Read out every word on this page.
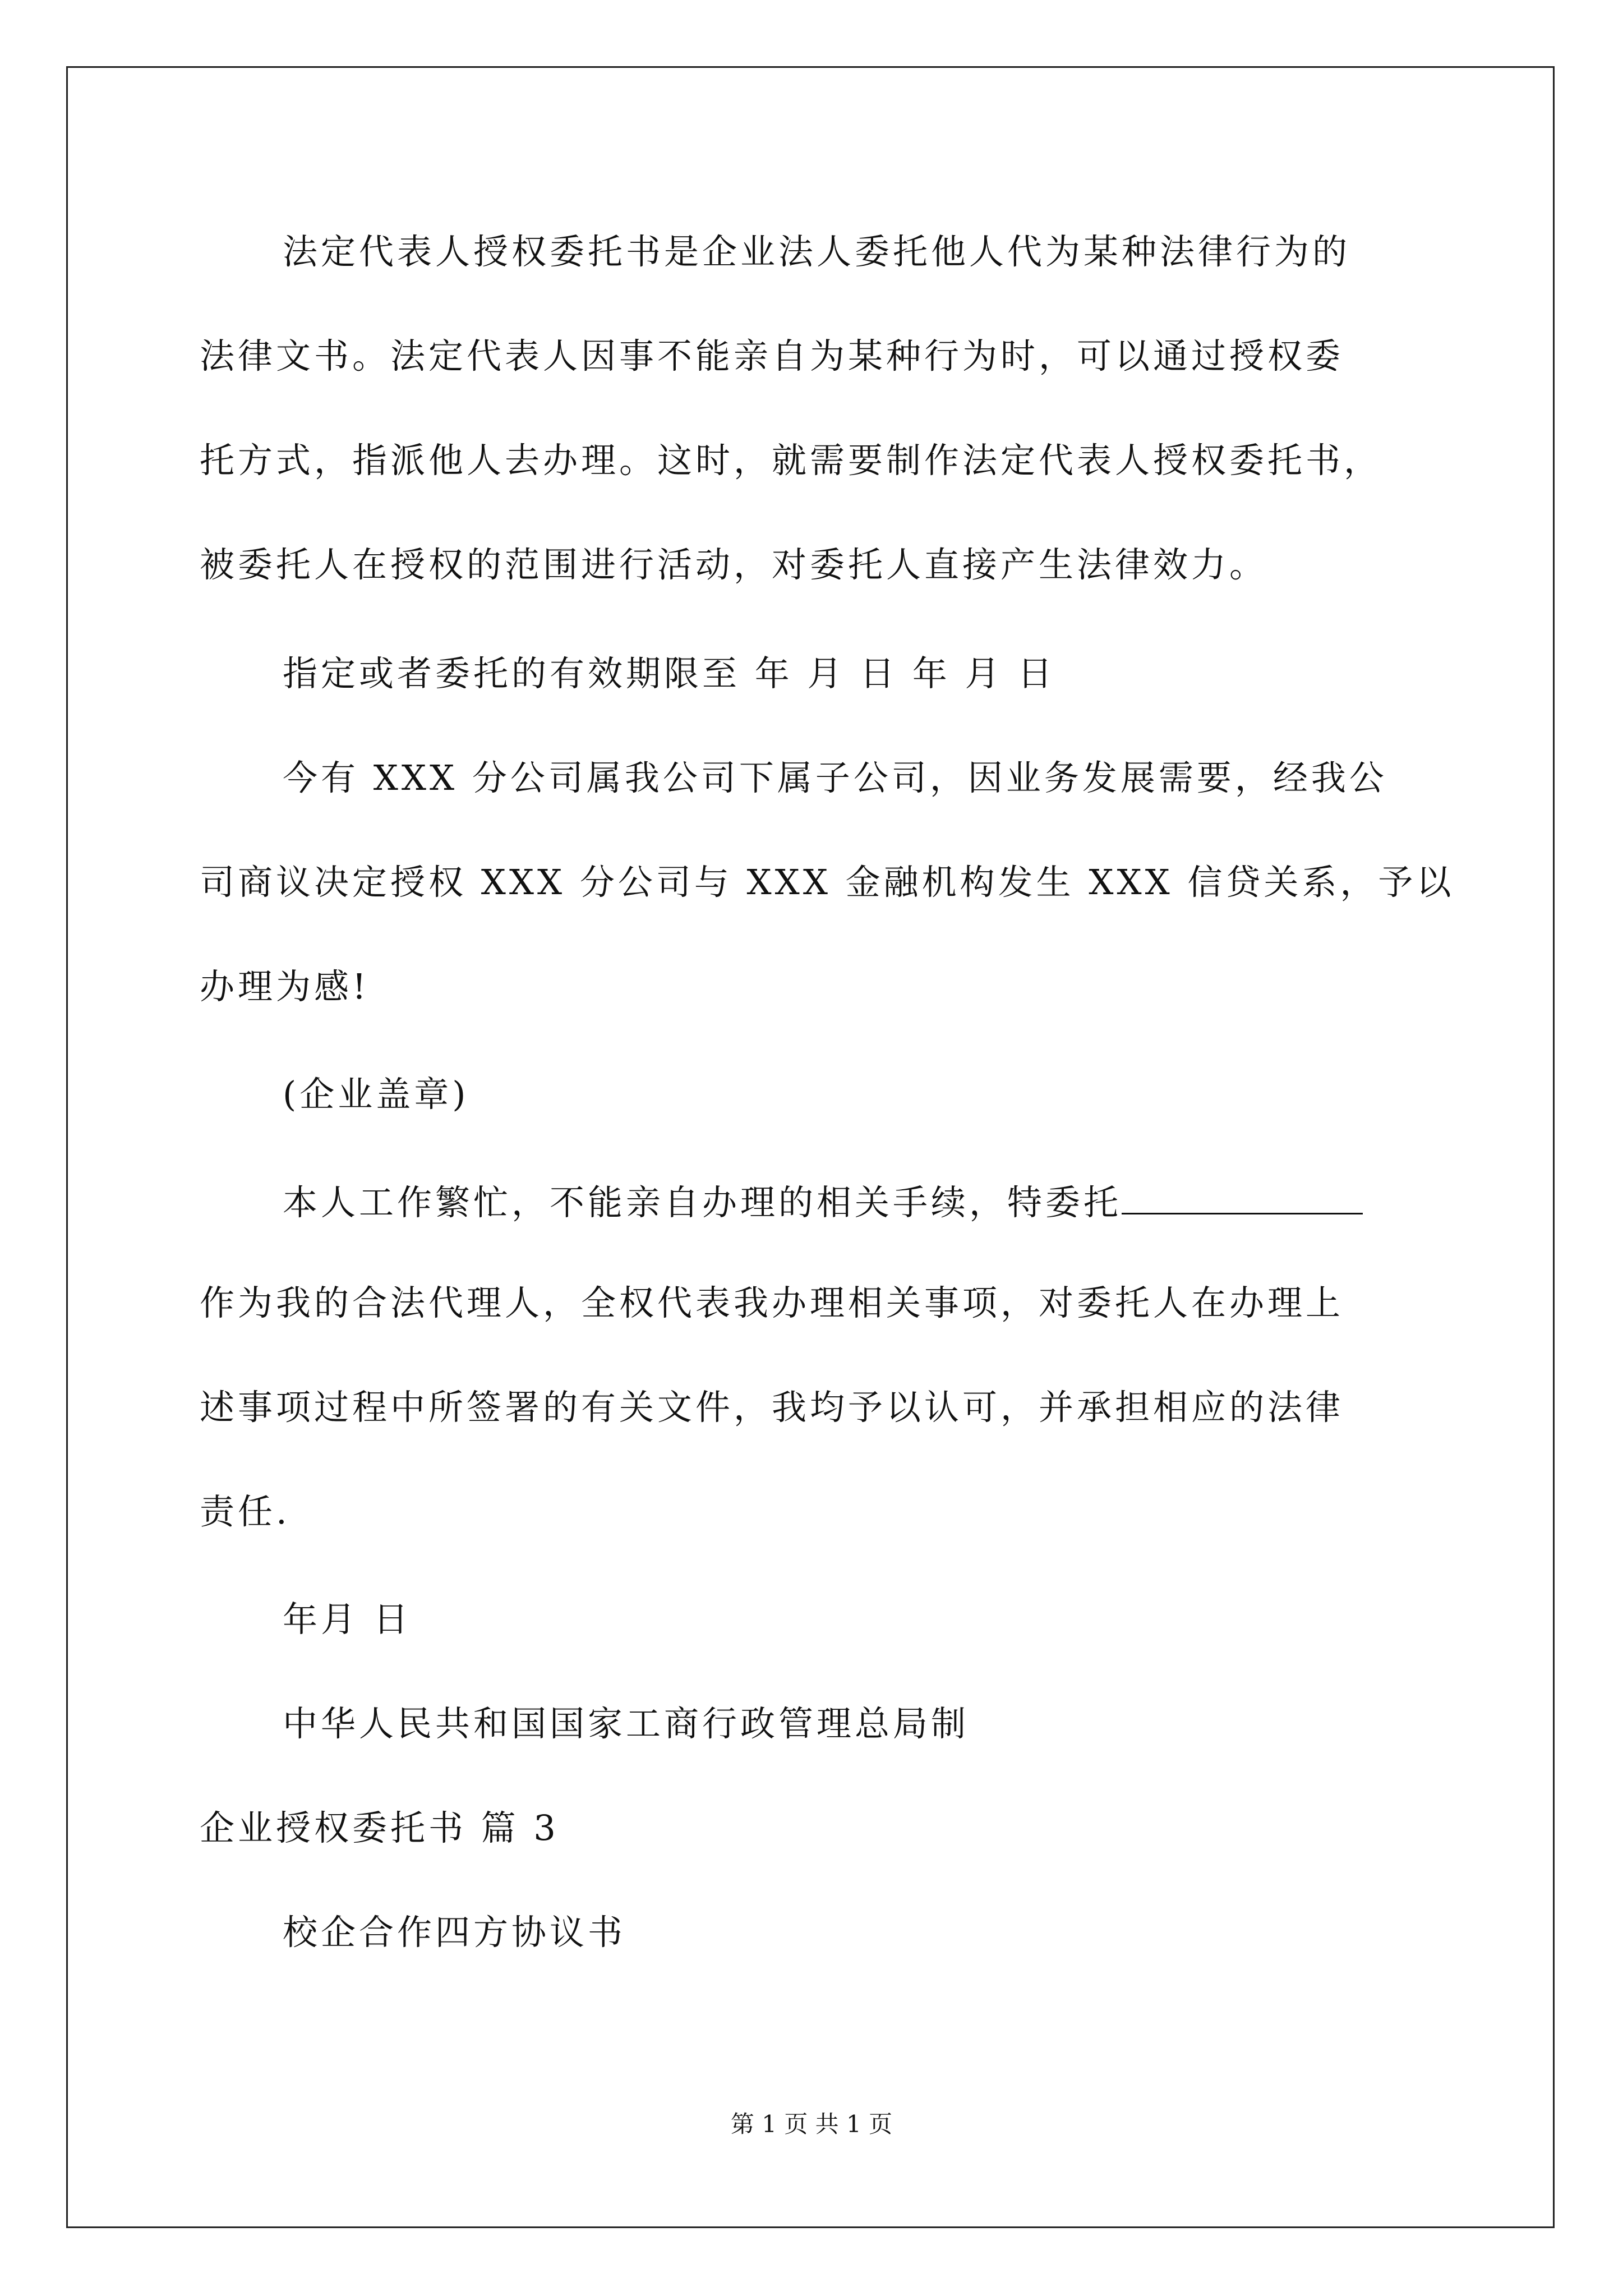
法定代表人授权委托书是企业法人委托他人代为某种法律行为的
法律文书。法定代表人因事不能亲自为某种行为时，可以通过授权委
托方式，指派他人去办理。这时，就需要制作法定代表人授权委托书，
被委托人在授权的范围进行活动，对委托人直接产生法律效力。
指定或者委托的有效期限至 年 月 日 年 月 日
今有 XXX 分公司属我公司下属子公司，因业务发展需要，经我公
司商议决定授权 XXX 分公司与 XXX 金融机构发生 XXX 信贷关系，予以
办理为感!
(企业盖章)
本人工作繁忙，不能亲自办理的相关手续，特委托
作为我的合法代理人，全权代表我办理相关事项，对委托人在办理上
述事项过程中所签署的有关文件，我均予以认可，并承担相应的法律
责任.
年月 日
中华人民共和国国家工商行政管理总局制
企业授权委托书 篇 3
校企合作四方协议书
第 1 页 共 1 页
